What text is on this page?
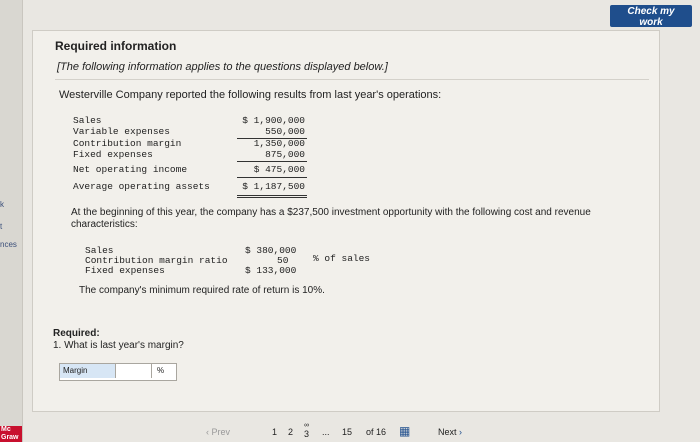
k
t
nces
Mc Graw
Check my work
Required information
[The following information applies to the questions displayed below.]
Westerville Company reported the following results from last year's operations:
Sales	$ 1,900,000
Variable expenses	550,000
Contribution margin	1,350,000
Fixed expenses	875,000
Net operating income	$ 475,000
Average operating assets	$ 1,187,500
At the beginning of this year, the company has a $237,500 investment opportunity with the following cost and revenue characteristics:
Sales	$ 380,000
Contribution margin ratio	50	% of sales
Fixed expenses	$ 133,000
The company's minimum required rate of return is 10%.
Required:
1. What is last year's margin?
Margin	%
‹ Prev	1 2
∞
3 ... 15 of 16 ▦	Next ›
